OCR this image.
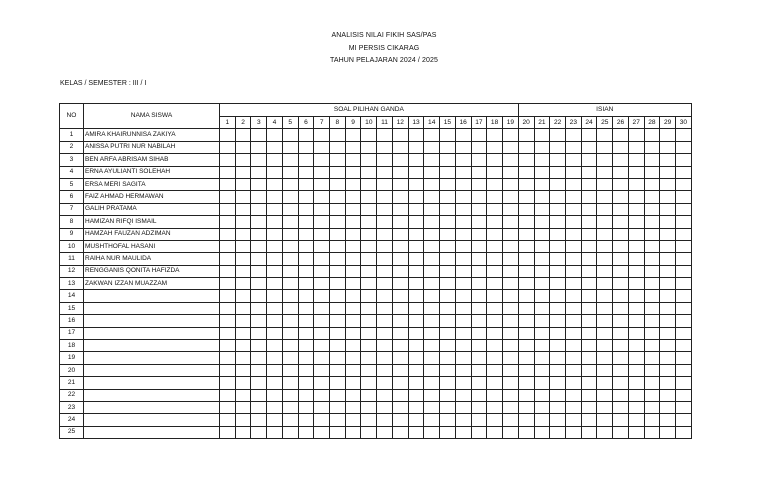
ANALISIS NILAI FIKIH SAS/PAS
MI PERSIS CIKARAG
TAHUN PELAJARAN 2024 / 2025
KELAS / SEMESTER : III / I
NO	NAMA SISWA	SOAL PILIHAN GANDA																			ISIAN										
		1	2	3	4	5	6	7	8	9	10	11	12	13	14	15	16	17	18	19	20	21	22	23	24	25	26	27	28	29	30
1	AMIRA KHAIRUNNISA ZAKIYA																														
2	ANISSA PUTRI NUR NABILAH																														
3	BEN ARFA ABRISAM SIHAB																														
4	ERNA AYULIANTI SOLEHAH																														
5	ERSA MERI SAGITA																														
6	FAIZ AHMAD HERMAWAN																														
7	GALIH PRATAMA																														
8	HAMIZAN RIFQI ISMAIL																														
9	HAMZAH FAUZAN ADZIMAN																														
10	MUSHTHOFAL HASANI																														
11	RAIHA NUR MAULIDA																														
12	RENGGANIS QONITA HAFIZDA																														
13	ZAKWAN IZZAN MUAZZAM																														
14																															
15																															
16																															
17																															
18																															
19																															
20																															
21																															
22																															
23																															
24																															
25																															
